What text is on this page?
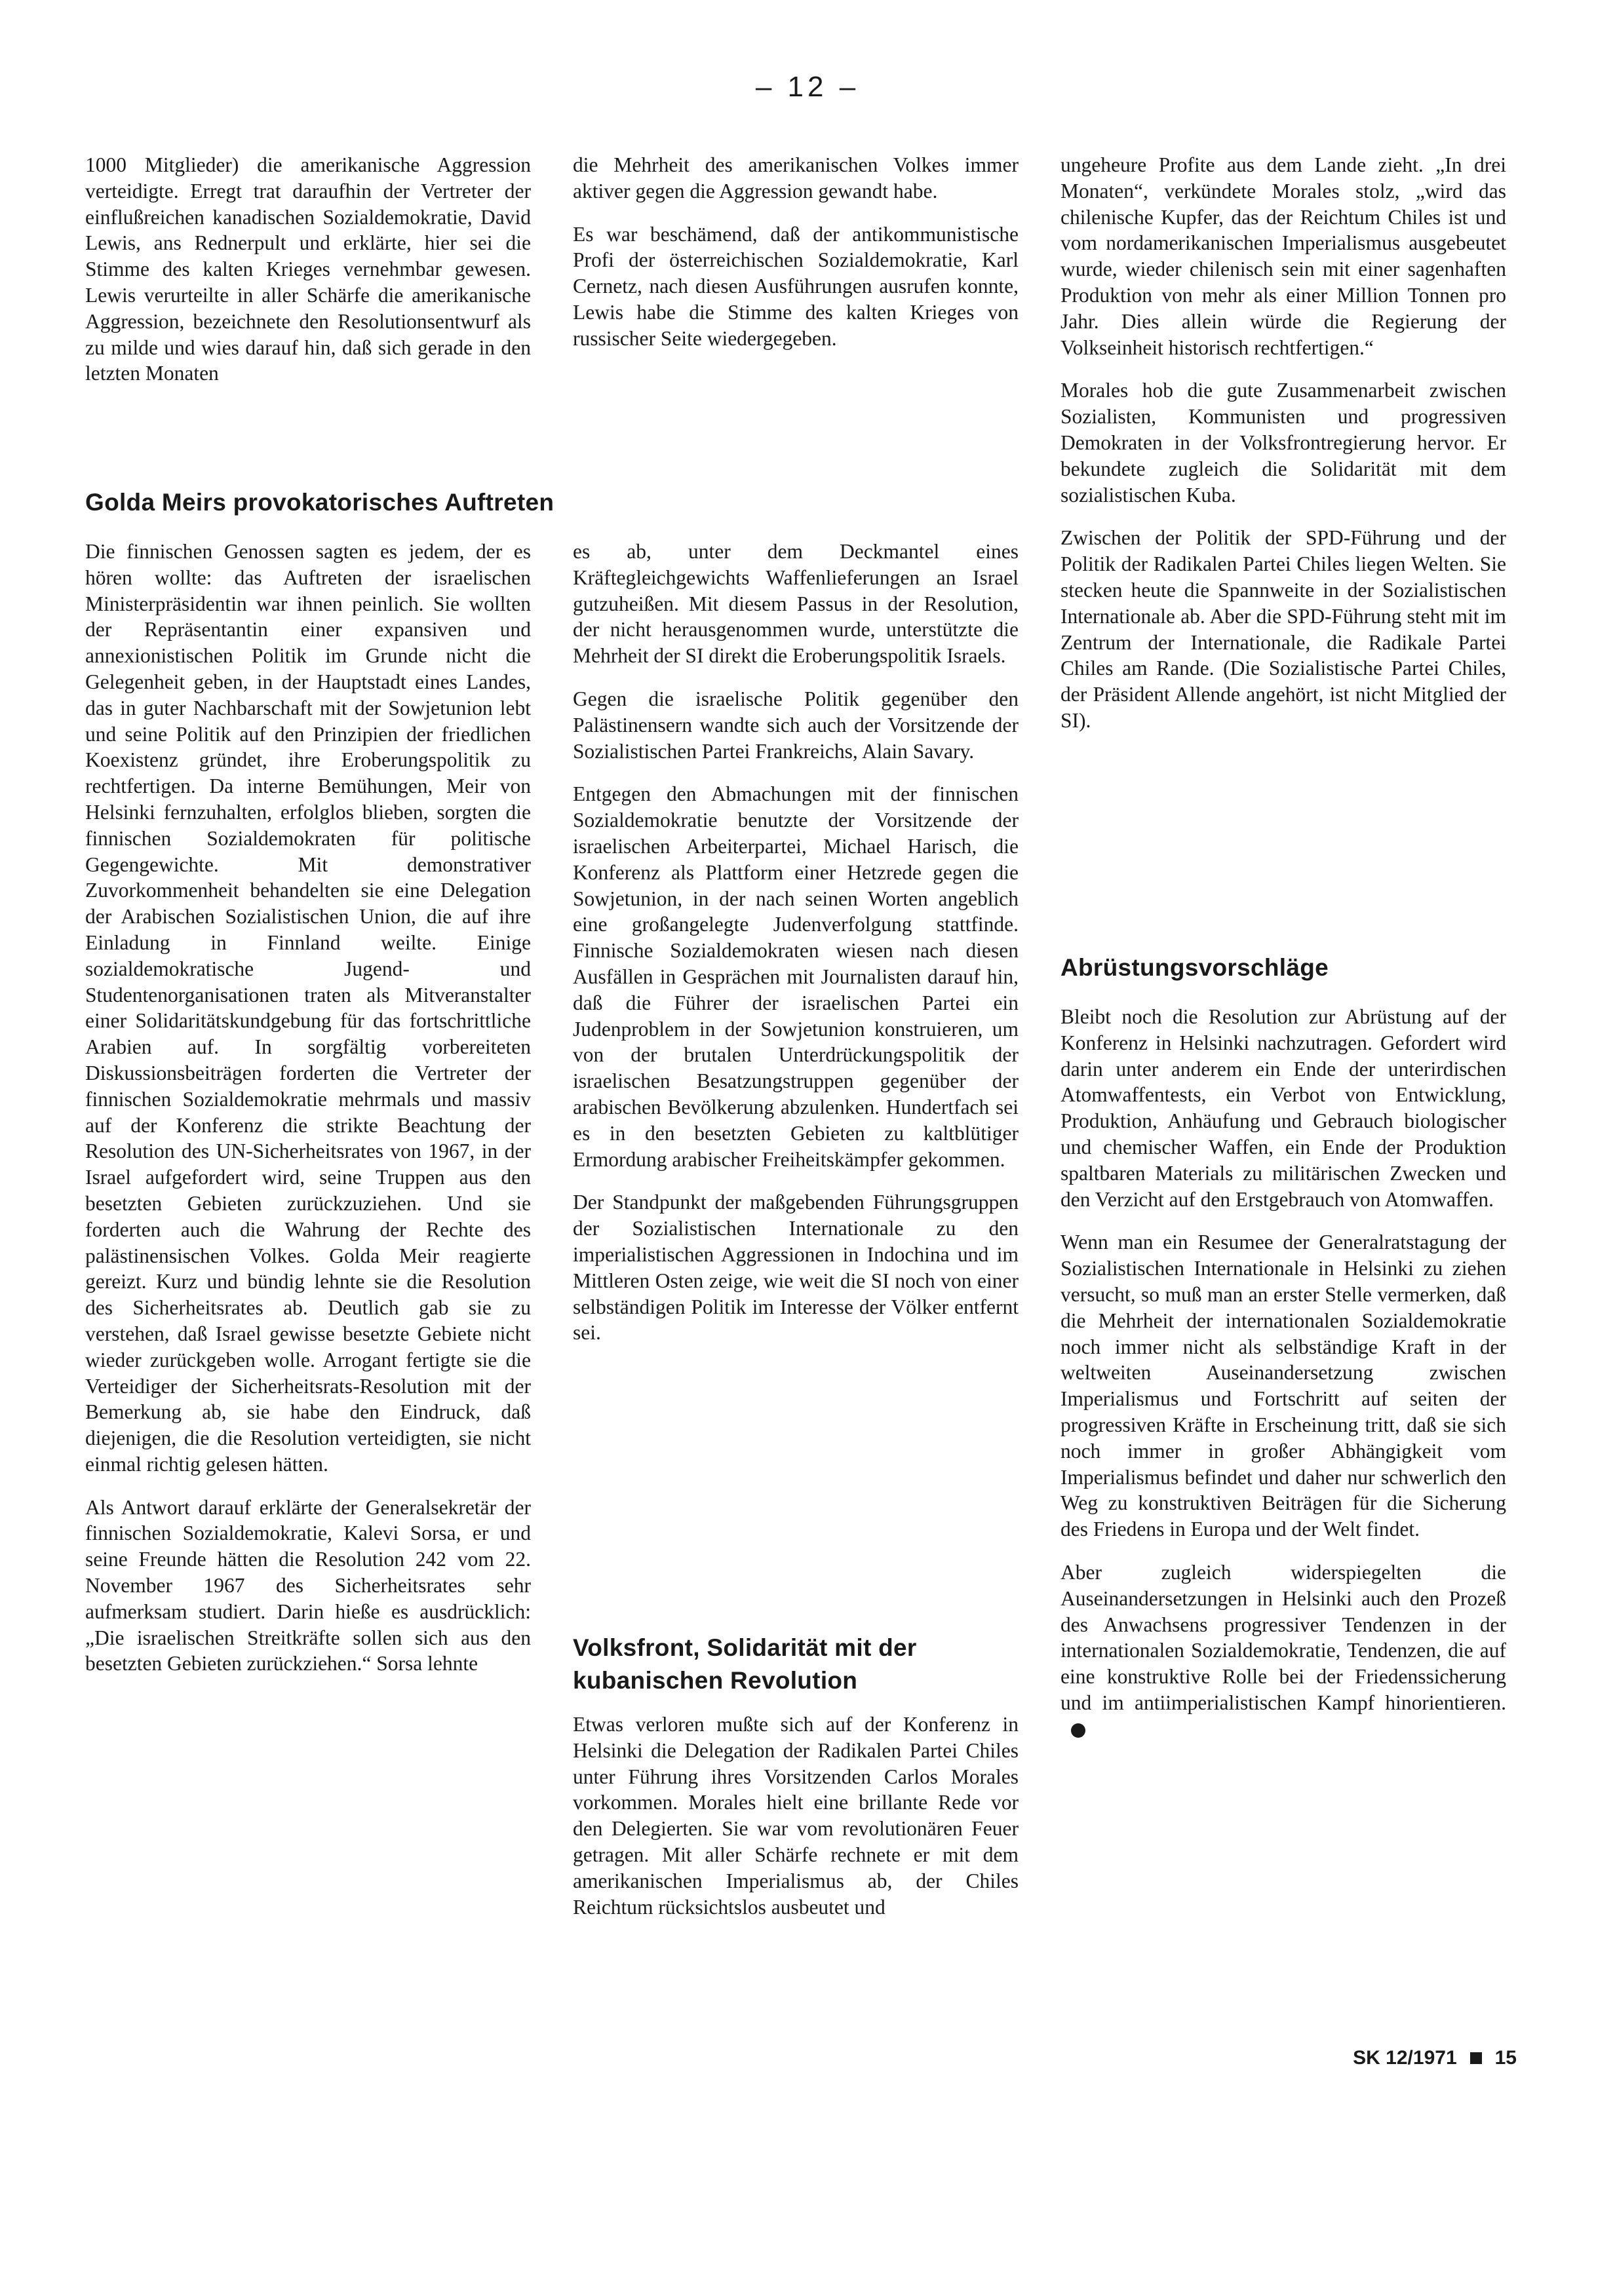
– 12 –

1000 Mitglieder) die amerikanische Aggression verteidigte. Erregt trat daraufhin der Vertreter der einflußreichen kanadischen Sozialdemokratie, David Lewis, ans Rednerpult und erklärte, hier sei die Stimme des kalten Krieges vernehmbar gewesen. Lewis verurteilte in aller Schärfe die amerikanische Aggression, bezeichnete den Resolutionsentwurf als zu milde und wies darauf hin, daß sich gerade in den letzten Monaten

die Mehrheit des amerikanischen Volkes immer aktiver gegen die Aggression gewandt habe.

Es war beschämend, daß der antikommunistische Profi der österreichischen Sozialdemokratie, Karl Cernetz, nach diesen Ausführungen ausrufen konnte, Lewis habe die Stimme des kalten Krieges von russischer Seite wiedergegeben.

Golda Meirs provokatorisches Auftreten

Die finnischen Genossen sagten es jedem, der es hören wollte: das Auftreten der israelischen Ministerpräsidentin war ihnen peinlich. Sie wollten der Repräsentantin einer expansiven und annexionistischen Politik im Grunde nicht die Gelegenheit geben, in der Hauptstadt eines Landes, das in guter Nachbarschaft mit der Sowjetunion lebt und seine Politik auf den Prinzipien der friedlichen Koexistenz gründet, ihre Eroberungspolitik zu rechtfertigen. Da interne Bemühungen, Meir von Helsinki fernzuhalten, erfolglos blieben, sorgten die finnischen Sozialdemokraten für politische Gegengewichte. Mit demonstrativer Zuvorkommenheit behandelten sie eine Delegation der Arabischen Sozialistischen Union, die auf ihre Einladung in Finnland weilte. Einige sozialdemokratische Jugend- und Studentenorganisationen traten als Mitveranstalter einer Solidaritätskundgebung für das fortschrittliche Arabien auf. In sorgfältig vorbereiteten Diskussionsbeiträgen forderten die Vertreter der finnischen Sozialdemokratie mehrmals und massiv auf der Konferenz die strikte Beachtung der Resolution des UN-Sicherheitsrates von 1967, in der Israel aufgefordert wird, seine Truppen aus den besetzten Gebieten zurückzuziehen. Und sie forderten auch die Wahrung der Rechte des palästinensischen Volkes. Golda Meir reagierte gereizt. Kurz und bündig lehnte sie die Resolution des Sicherheitsrates ab. Deutlich gab sie zu verstehen, daß Israel gewisse besetzte Gebiete nicht wieder zurückgeben wolle. Arrogant fertigte sie die Verteidiger der Sicherheitsrats-Resolution mit der Bemerkung ab, sie habe den Eindruck, daß diejenigen, die die Resolution verteidigten, sie nicht einmal richtig gelesen hätten.

Als Antwort darauf erklärte der Generalsekretär der finnischen Sozialdemokratie, Kalevi Sorsa, er und seine Freunde hätten die Resolution 242 vom 22. November 1967 des Sicherheitsrates sehr aufmerksam studiert. Darin hieße es ausdrücklich: „Die israelischen Streitkräfte sollen sich aus den besetzten Gebieten zurückziehen.“ Sorsa lehnte

es ab, unter dem Deckmantel eines Kräftegleichgewichts Waffenlieferungen an Israel gutzuheißen. Mit diesem Passus in der Resolution, der nicht herausgenommen wurde, unterstützte die Mehrheit der SI direkt die Eroberungspolitik Israels.

Gegen die israelische Politik gegenüber den Palästinensern wandte sich auch der Vorsitzende der Sozialistischen Partei Frankreichs, Alain Savary.

Entgegen den Abmachungen mit der finnischen Sozialdemokratie benutzte der Vorsitzende der israelischen Arbeiterpartei, Michael Harisch, die Konferenz als Plattform einer Hetzrede gegen die Sowjetunion, in der nach seinen Worten angeblich eine großangelegte Judenverfolgung stattfinde. Finnische Sozialdemokraten wiesen nach diesen Ausfällen in Gesprächen mit Journalisten darauf hin, daß die Führer der israelischen Partei ein Judenproblem in der Sowjetunion konstruieren, um von der brutalen Unterdrückungspolitik der israelischen Besatzungstruppen gegenüber der arabischen Bevölkerung abzulenken. Hundertfach sei es in den besetzten Gebieten zu kaltblütiger Ermordung arabischer Freiheitskämpfer gekommen.

Der Standpunkt der maßgebenden Führungsgruppen der Sozialistischen Internationale zu den imperialistischen Aggressionen in Indochina und im Mittleren Osten zeige, wie weit die SI noch von einer selbständigen Politik im Interesse der Völker entfernt sei.

Volksfront, Solidarität mit der kubanischen Revolution

Etwas verloren mußte sich auf der Konferenz in Helsinki die Delegation der Radikalen Partei Chiles unter Führung ihres Vorsitzenden Carlos Morales vorkommen. Morales hielt eine brillante Rede vor den Delegierten. Sie war vom revolutionären Feuer getragen. Mit aller Schärfe rechnete er mit dem amerikanischen Imperialismus ab, der Chiles Reichtum rücksichtslos ausbeutet und

ungeheure Profite aus dem Lande zieht. „In drei Monaten“, verkündete Morales stolz, „wird das chilenische Kupfer, das der Reichtum Chiles ist und vom nordamerikanischen Imperialismus ausgebeutet wurde, wieder chilenisch sein mit einer sagenhaften Produktion von mehr als einer Million Tonnen pro Jahr. Dies allein würde die Regierung der Volkseinheit historisch rechtfertigen.“

Morales hob die gute Zusammenarbeit zwischen Sozialisten, Kommunisten und progressiven Demokraten in der Volksfrontregierung hervor. Er bekundete zugleich die Solidarität mit dem sozialistischen Kuba.

Zwischen der Politik der SPD-Führung und der Politik der Radikalen Partei Chiles liegen Welten. Sie stecken heute die Spannweite in der Sozialistischen Internationale ab. Aber die SPD-Führung steht mit im Zentrum der Internationale, die Radikale Partei Chiles am Rande. (Die Sozialistische Partei Chiles, der Präsident Allende angehört, ist nicht Mitglied der SI).

Abrüstungsvorschläge

Bleibt noch die Resolution zur Abrüstung auf der Konferenz in Helsinki nachzutragen. Gefordert wird darin unter anderem ein Ende der unterirdischen Atomwaffentests, ein Verbot von Entwicklung, Produktion, Anhäufung und Gebrauch biologischer und chemischer Waffen, ein Ende der Produktion spaltbaren Materials zu militärischen Zwecken und den Verzicht auf den Erstgebrauch von Atomwaffen.

Wenn man ein Resumee der Generalratstagung der Sozialistischen Internationale in Helsinki zu ziehen versucht, so muß man an erster Stelle vermerken, daß die Mehrheit der internationalen Sozialdemokratie noch immer nicht als selbständige Kraft in der weltweiten Auseinandersetzung zwischen Imperialismus und Fortschritt auf seiten der progressiven Kräfte in Erscheinung tritt, daß sie sich noch immer in großer Abhängigkeit vom Imperialismus befindet und daher nur schwerlich den Weg zu konstruktiven Beiträgen für die Sicherung des Friedens in Europa und der Welt findet.

Aber zugleich widerspiegelten die Auseinandersetzungen in Helsinki auch den Prozeß des Anwachsens progressiver Tendenzen in der internationalen Sozialdemokratie, Tendenzen, die auf eine konstruktive Rolle bei der Friedenssicherung und im antiimperialistischen Kampf hinorientieren.

SK 12/1971 15
